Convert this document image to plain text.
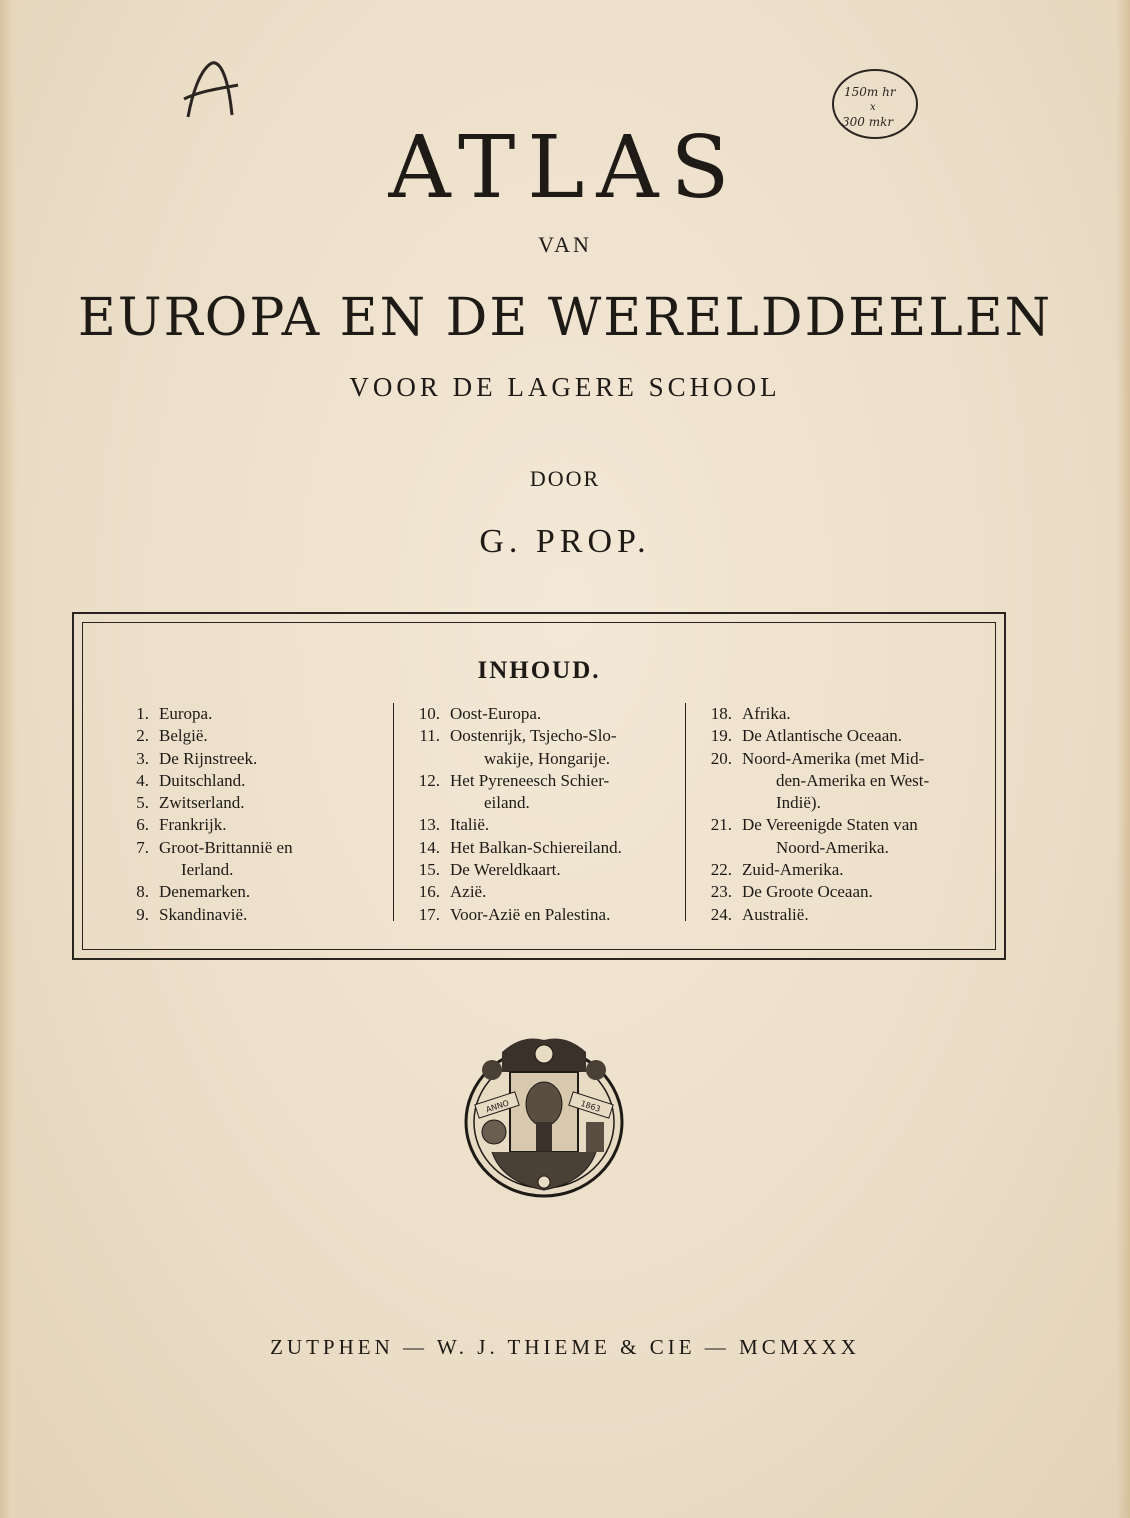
150m hr
x
300 mkr
ATLAS
VAN
EUROPA EN DE WERELDDEELEN
VOOR DE LAGERE SCHOOL
DOOR
G. PROP.
INHOUD.
1. Europa.
2. België.
3. De Rijnstreek.
4. Duitschland.
5. Zwitserland.
6. Frankrijk.
7. Groot-Brittannië en
Ierland.
8. Denemarken.
9. Skandinavië.
10. Oost-Europa.
11. Oostenrijk, Tsjecho-Slo-
wakije, Hongarije.
12. Het Pyreneesch Schier-
eiland.
13. Italië.
14. Het Balkan-Schiereiland.
15. De Wereldkaart.
16. Azië.
17. Voor-Azië en Palestina.
18. Afrika.
19. De Atlantische Oceaan.
20. Noord-Amerika (met Mid-
den-Amerika en West-
Indië).
21. De Vereenigde Staten van
Noord-Amerika.
22. Zuid-Amerika.
23. De Groote Oceaan.
24. Australië.
ANNO	1863
ZUTPHEN — W. J. THIEME & CIE — MCMXXX
